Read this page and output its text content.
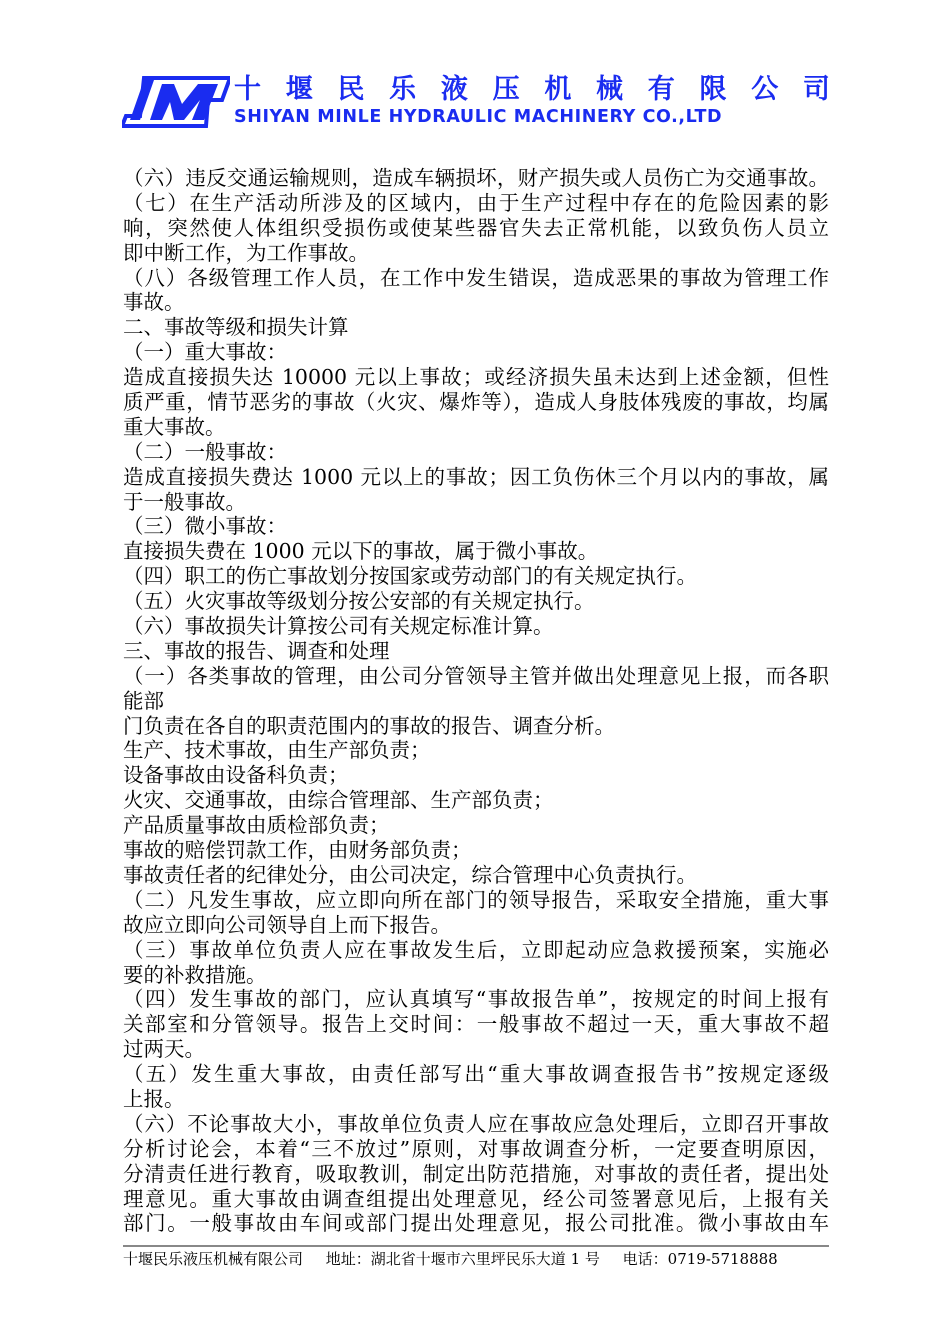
十 堰 民 乐 液 压 机 械 有 限 公 司
SHIYAN MINLE HYDRAULIC MACHINERY CO.,LTD
（六）违反交通运输规则，造成车辆损坏，财产损失或人员伤亡为交通事故。
（七）在生产活动所涉及的区域内，由于生产过程中存在的危险因素的影
响，突然使人体组织受损伤或使某些器官失去正常机能，以致负伤人员立
即中断工作，为工作事故。
（八）各级管理工作人员，在工作中发生错误，造成恶果的事故为管理工作
事故。
二、事故等级和损失计算
（一）重大事故：
造成直接损失达 10000 元以上事故；或经济损失虽未达到上述金额，但性
质严重，情节恶劣的事故（火灾、爆炸等），造成人身肢体残废的事故，均属
重大事故。
（二）一般事故：
造成直接损失费达 1000 元以上的事故；因工负伤休三个月以内的事故，属
于一般事故。
（三）微小事故：
直接损失费在 1000 元以下的事故，属于微小事故。
（四）职工的伤亡事故划分按国家或劳动部门的有关规定执行。
（五）火灾事故等级划分按公安部的有关规定执行。
（六）事故损失计算按公司有关规定标准计算。
三、事故的报告、调查和处理
（一）各类事故的管理，由公司分管领导主管并做出处理意见上报，而各职
能部
门负责在各自的职责范围内的事故的报告、调查分析。
生产、技术事故，由生产部负责；
设备事故由设备科负责；
火灾、交通事故，由综合管理部、生产部负责；
产品质量事故由质检部负责；
事故的赔偿罚款工作，由财务部负责；
事故责任者的纪律处分，由公司决定，综合管理中心负责执行。
（二）凡发生事故，应立即向所在部门的领导报告，采取安全措施，重大事
故应立即向公司领导自上而下报告。
（三）事故单位负责人应在事故发生后，立即起动应急救援预案，实施必
要的补救措施。
（四）发生事故的部门，应认真填写“事故报告单”，按规定的时间上报有
关部室和分管领导。报告上交时间：一般事故不超过一天，重大事故不超
过两天。
（五）发生重大事故，由责任部写出“重大事故调查报告书”按规定逐级
上报。
（六）不论事故大小，事故单位负责人应在事故应急处理后，立即召开事故
分析讨论会，本着“三不放过”原则，对事故调查分析，一定要查明原因，
分清责任进行教育，吸取教训，制定出防范措施，对事故的责任者，提出处
理意见。重大事故由调查组提出处理意见，经公司签署意见后，上报有关
部门。一般事故由车间或部门提出处理意见，报公司批准。微小事故由车
十堰民乐液压机械有限公司 地址：湖北省十堰市六里坪民乐大道 1 号 电话：0719-5718888
